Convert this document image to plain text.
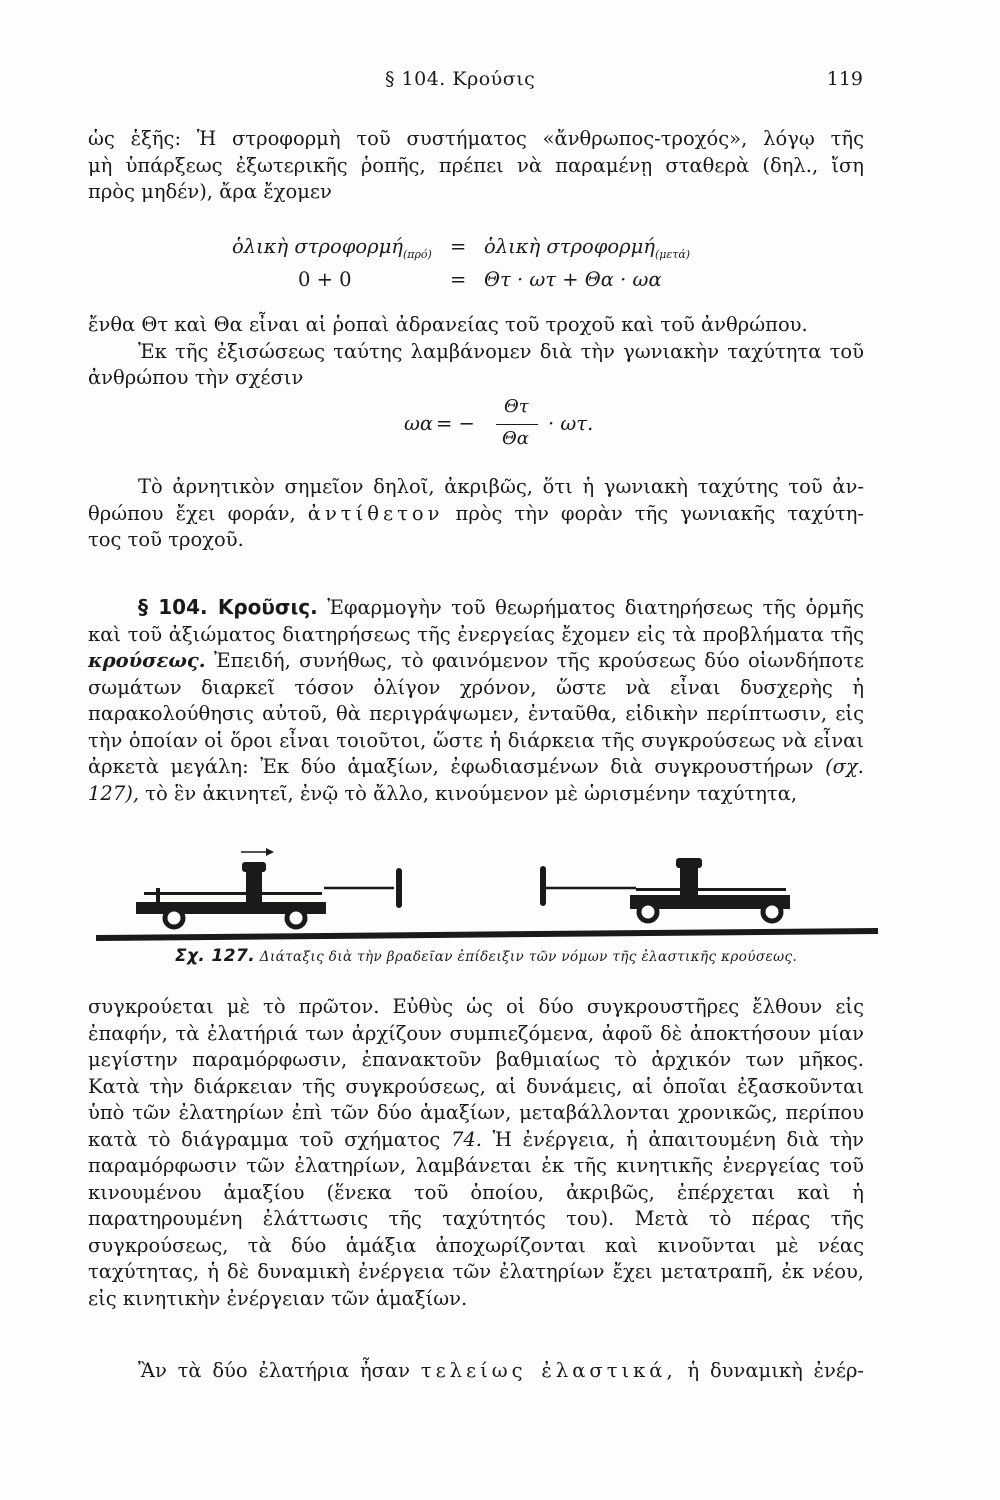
§ 104. Κρούσις	119

ὡς ἑξῆς: Ἡ στροφορμὴ τοῦ συστήματος «ἄνθρωπος-τροχός», λόγῳ τῆς

μὴ ὑπάρξεως ἐξωτερικῆς ῥοπῆς, πρέπει νὰ παραμένῃ σταθερὰ (δηλ., ἴση

πρὸς μηδέν), ἄρα ἔχομεν

ὁλικὴ στροφορμή$_{(\pi\rho ό)}$ = ὁλικὴ στροφορμή$_{(\mu\varepsilon\tau ά)}$
0 + 0	= Θτ · ωτ + Θα · ωα

ἔνθα Θτ καὶ Θα εἶναι αἱ ῥοπαὶ ἀδρανείας τοῦ τροχοῦ καὶ τοῦ ἀνθρώπου.

Ἐκ τῆς ἐξισώσεως ταύτης λαμβάνομεν διὰ τὴν γωνιακὴν ταχύτητα τοῦ

ἀνθρώπου τὴν σχέσιν

ωα = −
Θτ
Θα
· ωτ.

Τὸ ἀρνητικὸν σημεῖον δηλοῖ, ἀκριβῶς, ὅτι ἡ γωνιακὴ ταχύτης τοῦ ἀν-

θρώπου ἔχει φοράν, ἀντίθετον πρὸς τὴν φορὰν τῆς γωνιακῆς ταχύτη-

τος τοῦ τροχοῦ.

§ 104. Κροῦσις. Ἐφαρμογὴν τοῦ θεωρήματος διατηρήσεως τῆς ὁρμῆς καὶ τοῦ ἀξιώματος διατηρήσεως τῆς ἐνεργείας ἔχομεν εἰς τὰ προβλήματα τῆς κρούσεως. Ἐπειδή, συνήθως, τὸ φαινόμενον τῆς κρούσεως δύο οἱωνδήποτε σωμάτων διαρκεῖ τόσον ὀλίγον χρόνον, ὥστε νὰ εἶναι δυσχερὴς ἡ παρακολούθησις αὐτοῦ, θὰ περιγράψωμεν, ἐνταῦθα, εἰδικὴν περίπτωσιν, εἰς τὴν ὁποίαν οἱ ὅροι εἶναι τοιοῦτοι, ὥστε ἡ διάρκεια τῆς συγκρούσεως νὰ εἶναι ἀρκετὰ μεγάλη: Ἐκ δύο ἁμαξίων, ἐφωδιασμένων διὰ συγκρουστήρων (σχ. 127), τὸ ἓν ἀκινητεῖ, ἐνῷ τὸ ἄλλο, κινούμενον μὲ ὡρισμένην ταχύτητα,

Σχ. 127. Διάταξις διὰ τὴν βραδεῖαν ἐπίδειξιν τῶν νόμων τῆς ἐλαστικῆς κρούσεως.

συγκρούεται μὲ τὸ πρῶτον. Εὐθὺς ὡς οἱ δύο συγκρουστῆρες ἔλθουν εἰς ἐπαφήν, τὰ ἐλατήριά των ἀρχίζουν συμπιεζόμενα, ἀφοῦ δὲ ἀποκτήσουν μίαν μεγίστην παραμόρφωσιν, ἐπανακτοῦν βαθμιαίως τὸ ἀρχικόν των μῆκος. Κατὰ τὴν διάρκειαν τῆς συγκρούσεως, αἱ δυνάμεις, αἱ ὁποῖαι ἐξασκοῦνται ὑπὸ τῶν ἐλατηρίων ἐπὶ τῶν δύο ἁμαξίων, μεταβάλλονται χρονικῶς, περίπου κατὰ τὸ διάγραμμα τοῦ σχήματος 74. Ἡ ἐνέργεια, ἡ ἀπαιτουμένη διὰ τὴν παραμόρφωσιν τῶν ἐλατηρίων, λαμβάνεται ἐκ τῆς κινητικῆς ἐνεργείας τοῦ κινουμένου ἁμαξίου (ἕνεκα τοῦ ὁποίου, ἀκριβῶς, ἐπέρχεται καὶ ἡ παρατηρουμένη ἐλάττωσις τῆς ταχύτητός του). Μετὰ τὸ πέρας τῆς συγκρούσεως, τὰ δύο ἁμάξια ἀποχωρίζονται καὶ κινοῦνται μὲ νέας ταχύτητας, ἡ δὲ δυναμικὴ ἐνέργεια τῶν ἐλατηρίων ἔχει μετατραπῆ, ἐκ νέου, εἰς κινητικὴν ἐνέργειαν τῶν ἁμαξίων.

Ἂν τὰ δύο ἐλατήρια ἦσαν τελείως ἐλαστικά, ἡ δυναμικὴ ἐνέρ-
